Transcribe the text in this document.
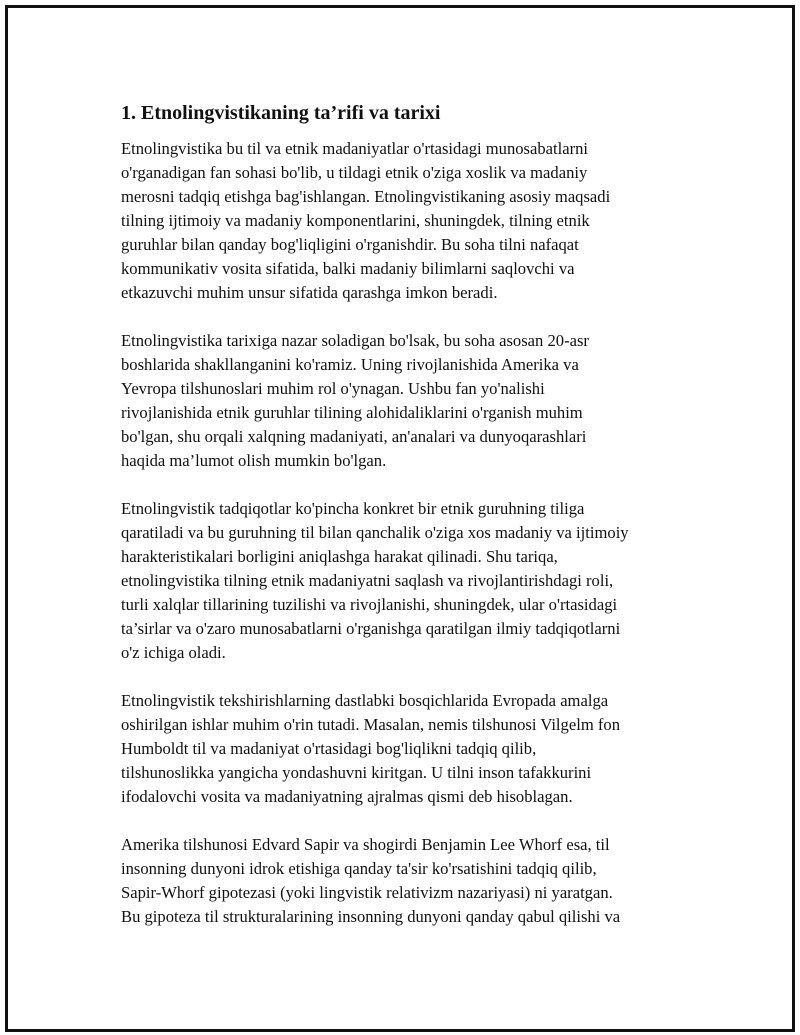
1. Etnolingvistikaning ta’rifi va tarixi

Etnolingvistika bu til va etnik madaniyatlar o'rtasidagi munosabatlarni
o'rganadigan fan sohasi bo'lib, u tildagi etnik o'ziga xoslik va madaniy
merosni tadqiq etishga bag'ishlangan. Etnolingvistikaning asosiy maqsadi
tilning ijtimoiy va madaniy komponentlarini, shuningdek, tilning etnik
guruhlar bilan qanday bog'liqligini o'rganishdir. Bu soha tilni nafaqat
kommunikativ vosita sifatida, balki madaniy bilimlarni saqlovchi va
etkazuvchi muhim unsur sifatida qarashga imkon beradi.

Etnolingvistika tarixiga nazar soladigan bo'lsak, bu soha asosan 20-asr
boshlarida shakllanganini ko'ramiz. Uning rivojlanishida Amerika va
Yevropa tilshunoslari muhim rol o'ynagan. Ushbu fan yo'nalishi
rivojlanishida etnik guruhlar tilining alohidaliklarini o'rganish muhim
bo'lgan, shu orqali xalqning madaniyati, an'analari va dunyoqarashlari
haqida ma’lumot olish mumkin bo'lgan.

Etnolingvistik tadqiqotlar ko'pincha konkret bir etnik guruhning tiliga
qaratiladi va bu guruhning til bilan qanchalik o'ziga xos madaniy va ijtimoiy
harakteristikalari borligini aniqlashga harakat qilinadi. Shu tariqa,
etnolingvistika tilning etnik madaniyatni saqlash va rivojlantirishdagi roli,
turli xalqlar tillarining tuzilishi va rivojlanishi, shuningdek, ular o'rtasidagi
ta’sirlar va o'zaro munosabatlarni o'rganishga qaratilgan ilmiy tadqiqotlarni
o'z ichiga oladi.

Etnolingvistik tekshirishlarning dastlabki bosqichlarida Evropada amalga
oshirilgan ishlar muhim o'rin tutadi. Masalan, nemis tilshunosi Vilgelm fon
Humboldt til va madaniyat o'rtasidagi bog'liqlikni tadqiq qilib,
tilshunoslikka yangicha yondashuvni kiritgan. U tilni inson tafakkurini
ifodalovchi vosita va madaniyatning ajralmas qismi deb hisoblagan.

Amerika tilshunosi Edvard Sapir va shogirdi Benjamin Lee Whorf esa, til
insonning dunyoni idrok etishiga qanday ta'sir ko'rsatishini tadqiq qilib,
Sapir-Whorf gipotezasi (yoki lingvistik relativizm nazariyasi) ni yaratgan.
Bu gipoteza til strukturalarining insonning dunyoni qanday qabul qilishi va
